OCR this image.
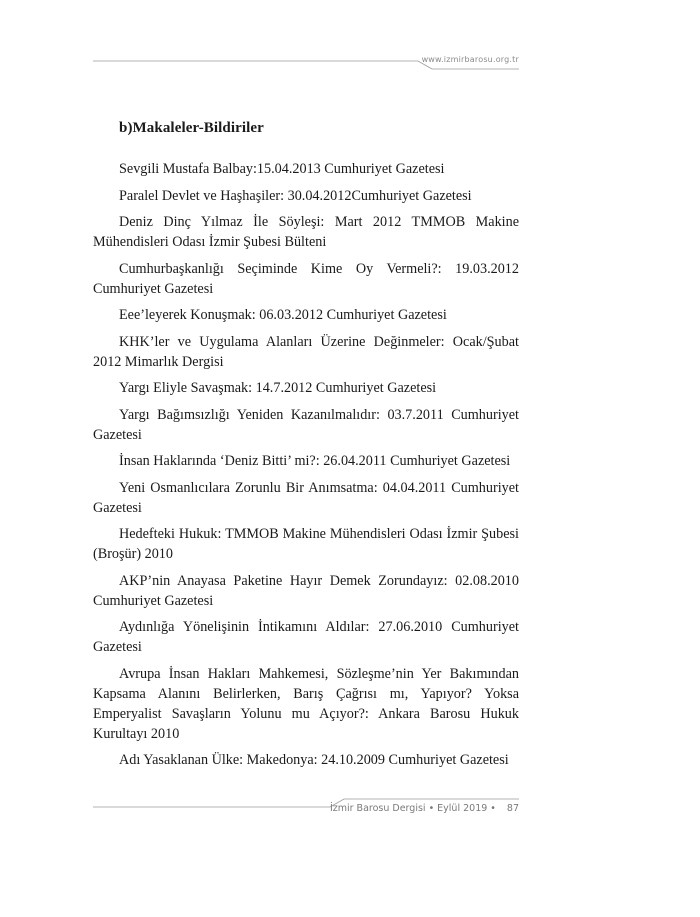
www.izmirbarosu.org.tr
b)Makaleler-Bildiriler

Sevgili Mustafa Balbay:15.04.2013 Cumhuriyet Gazetesi

Paralel Devlet ve Haşhaşiler: 30.04.2012Cumhuriyet Gazetesi

Deniz Dinç Yılmaz İle Söyleşi: Mart 2012 TMMOB Makine Mühendisleri Odası İzmir Şubesi Bülteni

Cumhurbaşkanlığı Seçiminde Kime Oy Vermeli?: 19.03.2012 Cumhuriyet Gazetesi

Eee’leyerek Konuşmak: 06.03.2012 Cumhuriyet Gazetesi

KHK’ler ve Uygulama Alanları Üzerine Değinmeler: Ocak/Şubat 2012 Mimarlık Dergisi

Yargı Eliyle Savaşmak: 14.7.2012 Cumhuriyet Gazetesi

Yargı Bağımsızlığı Yeniden Kazanılmalıdır: 03.7.2011 Cumhuriyet Gazetesi

İnsan Haklarında ‘Deniz Bitti’ mi?: 26.04.2011 Cumhuriyet Gazetesi

Yeni Osmanlıcılara Zorunlu Bir Anımsatma: 04.04.2011 Cumhuriyet Gazetesi

Hedefteki Hukuk: TMMOB Makine Mühendisleri Odası İzmir Şubesi (Broşür) 2010

AKP’nin Anayasa Paketine Hayır Demek Zorundayız: 02.08.2010 Cumhuriyet Gazetesi

Aydınlığa Yönelişinin İntikamını Aldılar: 27.06.2010 Cumhuriyet Gazetesi

Avrupa İnsan Hakları Mahkemesi, Sözleşme’nin Yer Bakımından Kapsama Alanını Belirlerken, Barış Çağrısı mı, Yapıyor? Yoksa Emperyalist Savaşların Yolunu mu Açıyor?: Ankara Barosu Hukuk Kurultayı 2010

Adı Yasaklanan Ülke: Makedonya: 24.10.2009 Cumhuriyet Gazetesi

İzmir Barosu Dergisi • Eylül 2019 • 87
